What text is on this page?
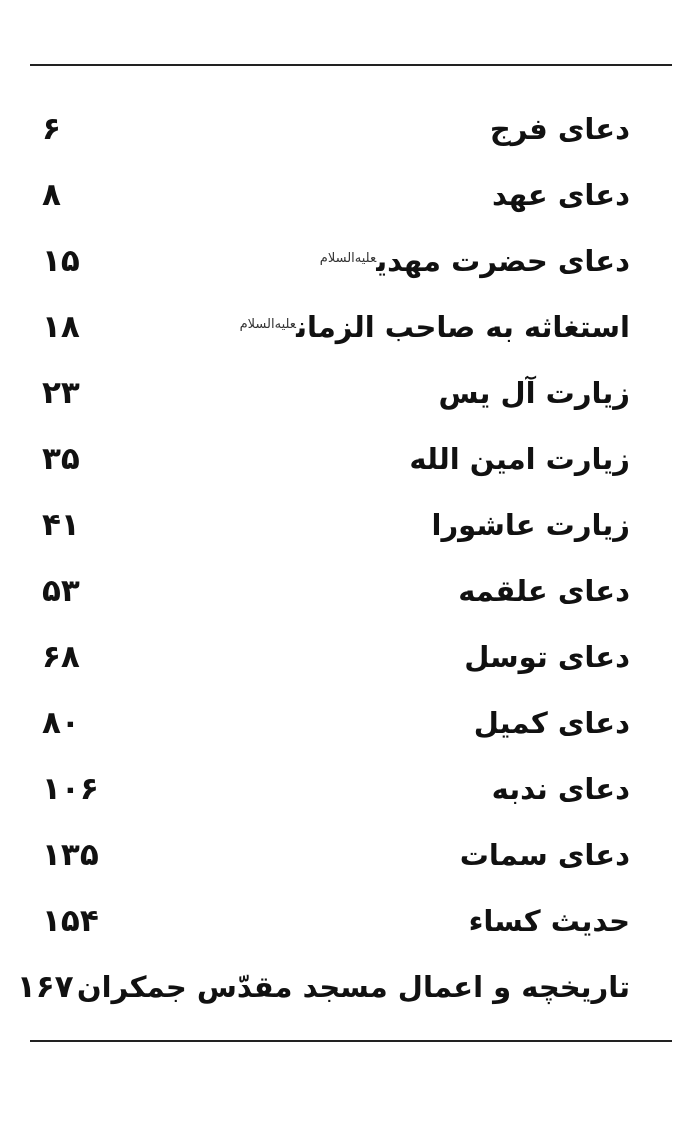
دعای فرج
۶
دعای عهد
۸
دعای حضرت مهدی$^{علیه‌السلام}$
۱۵
استغاثه به صاحب الزمان$^{علیه‌السلام}$
۱۸
زیارت آل یس
۲۳
زیارت امین الله
۳۵
زیارت عاشورا
۴۱
دعای علقمه
۵۳
دعای توسل
۶۸
دعای کمیل
۸۰
دعای ندبه
۱۰۶
دعای سمات
۱۳۵
حدیث کساء
۱۵۴
تاریخچه و اعمال مسجد مقدّس جمکران
۱۶۷
